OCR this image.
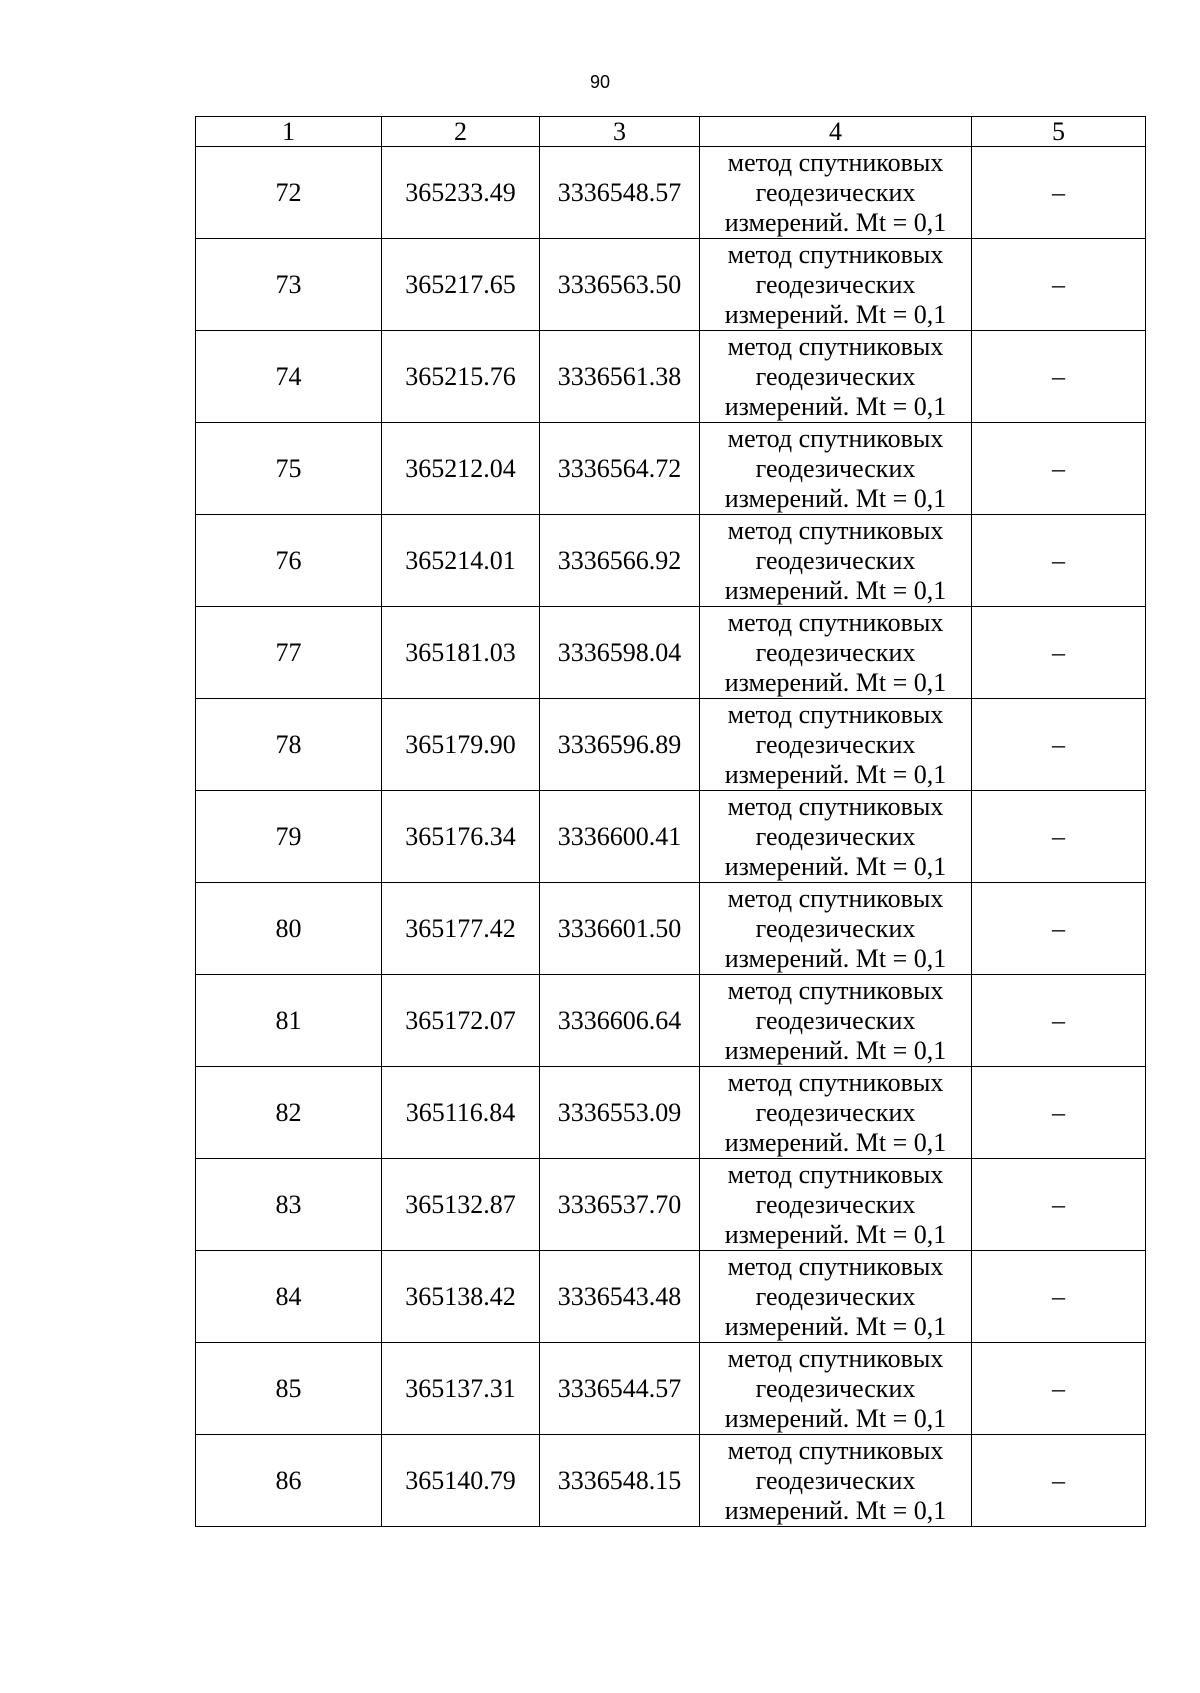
90
1	2	3	4	5
72	365233.49	3336548.57	метод спутниковых
геодезических
измерений. Mt = 0,1	–
73	365217.65	3336563.50	метод спутниковых
геодезических
измерений. Mt = 0,1	–
74	365215.76	3336561.38	метод спутниковых
геодезических
измерений. Mt = 0,1	–
75	365212.04	3336564.72	метод спутниковых
геодезических
измерений. Mt = 0,1	–
76	365214.01	3336566.92	метод спутниковых
геодезических
измерений. Mt = 0,1	–
77	365181.03	3336598.04	метод спутниковых
геодезических
измерений. Mt = 0,1	–
78	365179.90	3336596.89	метод спутниковых
геодезических
измерений. Mt = 0,1	–
79	365176.34	3336600.41	метод спутниковых
геодезических
измерений. Mt = 0,1	–
80	365177.42	3336601.50	метод спутниковых
геодезических
измерений. Mt = 0,1	–
81	365172.07	3336606.64	метод спутниковых
геодезических
измерений. Mt = 0,1	–
82	365116.84	3336553.09	метод спутниковых
геодезических
измерений. Mt = 0,1	–
83	365132.87	3336537.70	метод спутниковых
геодезических
измерений. Mt = 0,1	–
84	365138.42	3336543.48	метод спутниковых
геодезических
измерений. Mt = 0,1	–
85	365137.31	3336544.57	метод спутниковых
геодезических
измерений. Mt = 0,1	–
86	365140.79	3336548.15	метод спутниковых
геодезических
измерений. Mt = 0,1	–
